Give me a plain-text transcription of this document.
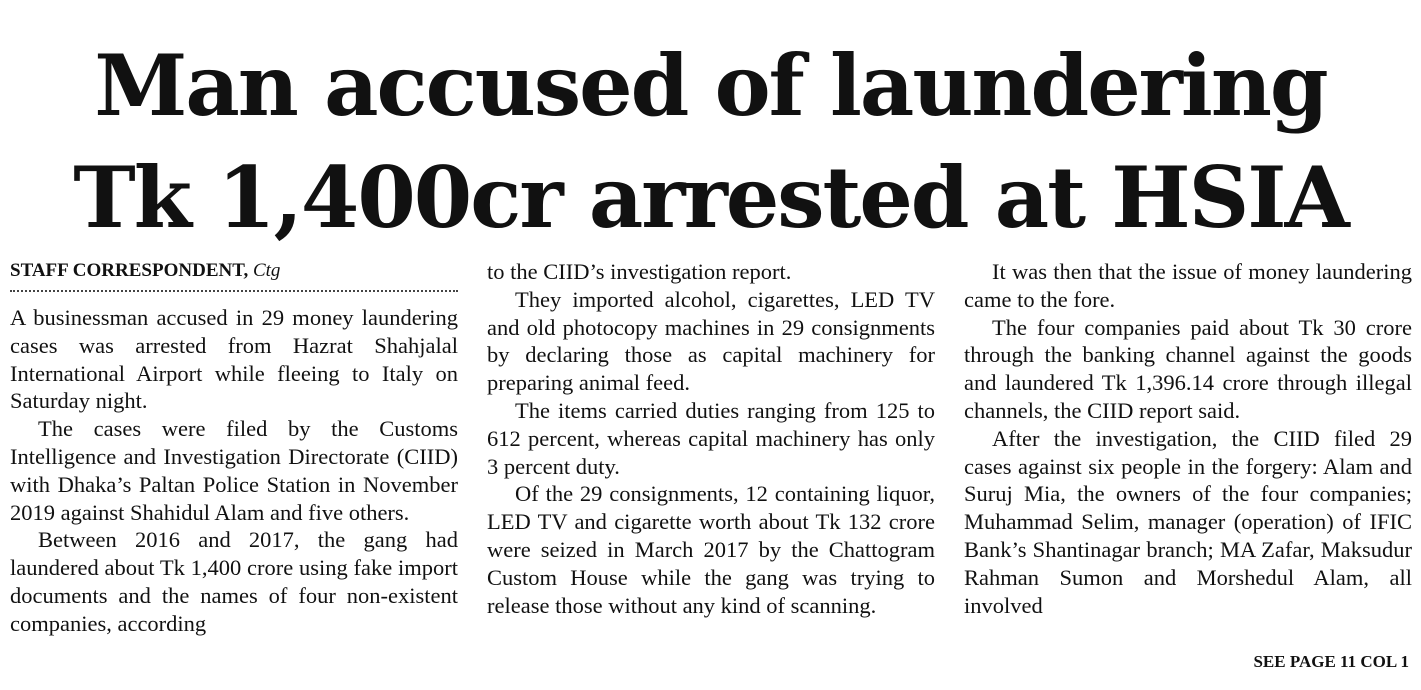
Man accused of laundering
Tk 1,400cr arrested at HSIA
STAFF CORRESPONDENT, Ctg

A businessman accused in 29 money laundering cases was arrested from Hazrat Shahjalal International Airport while fleeing to Italy on Saturday night.

The cases were filed by the Customs Intelligence and Investigation Directorate (CIID) with Dhaka’s Paltan Police Station in November 2019 against Shahidul Alam and five others.

Between 2016 and 2017, the gang had laundered about Tk 1,400 crore using fake import documents and the names of four non-existent companies, according

to the CIID’s investigation report.

They imported alcohol, cigarettes, LED TV and old photocopy machines in 29 consignments by declaring those as capital machinery for preparing animal feed.

The items carried duties ranging from 125 to 612 percent, whereas capital machinery has only 3 percent duty.

Of the 29 consignments, 12 containing liquor, LED TV and cigarette worth about Tk 132 crore were seized in March 2017 by the Chattogram Custom House while the gang was trying to release those without any kind of scanning.

It was then that the issue of money laundering came to the fore.

The four companies paid about Tk 30 crore through the banking channel against the goods and laundered Tk 1,396.14 crore through illegal channels, the CIID report said.

After the investigation, the CIID filed 29 cases against six people in the forgery: Alam and Suruj Mia, the owners of the four companies; Muhammad Selim, manager (operation) of IFIC Bank’s Shantinagar branch; MA Zafar, Maksudur Rahman Sumon and Morshedul Alam, all involved

SEE PAGE 11 COL 1
